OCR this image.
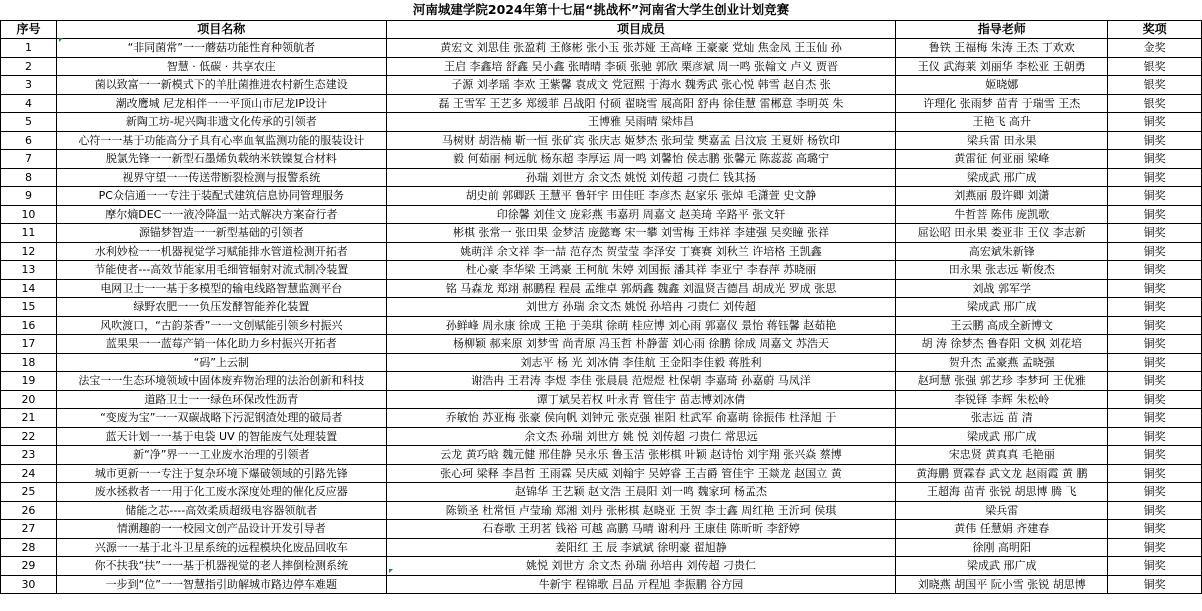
河南城建学院2024年第十七届“挑战杯”河南省大学生创业计划竞赛
序号	项目名称	项目成员	指导老师	奖项
1	“非同菌常”一一蘑菇功能性育种领航者	黄宏文 刘思佳 张盈莉 王修彬 张小玉 张苏娅 王高峰 王豪豪 党灿 焦金凤 王玉仙 孙	鲁铁 王福梅 朱涛 王杰 丁欢欢	金奖
2	智慧 · 低碳 · 共享农庄	王启 李鑫培 舒鑫 吴小鑫 张晴晴 李硕 张驰 郭欣 栗彦斌 周一鸣 张翰文 卢义 贾晋	王仪 武海莱 刘丽华 李松亚 王朝勇	银奖
3	菌以致富一一新模式下的羊肚菌推进农村新生态建设	子源 刘孝瑶 李欢 王紫馨 袁成文 党冠熙 于海水 魏秀武 张心悦 韩雪 赵自杰 张	姬晓娜	银奖
4	潮改鹰城 尼龙相伴一一平顶山市尼龙IP设计	磊 王雪军 王艺多 郑缓菲 吕战阳 付硕 翟晓雪 展高阳 舒冉 徐佳慧 雷郴意 李明英 朱	许理化 张雨梦 苗青 于瑞雪 王杰	银奖
5	新陶工坊-坭兴陶非遗文化传承的引领者	王博雅 吴雨晴 梁炜昌	王艳飞 高升	铜奖
6	心符一一基于功能高分子具有心率血氧监测功能的服装设计	马树财 胡浩楠 靳一恒 张矿宾 张庆志 姬梦杰 张珂莹 樊嘉孟 吕汶宸 王夏妍 杨钦印	梁兵雷 田永果	铜奖
7	脱氯先锋一一新型石墨烯负载纳米铁镍复合材料	毅 何茹丽 柯远航 杨东超 李厚运 周一鸣 刘馨怡 侯志鹏 张馨元 陈蕊蕊 高璐宁	黄雷征 何亚丽 梁峰	铜奖
8	视界守望一一传送带断裂检测与报警系统	孙瑞 刘世方 余文杰 姚悦 刘传超 刁贵仁 钱其扬	梁成武 邢广成	铜奖
9	PC众信通一一专注于装配式建筑信息协同管理服务	胡史前 郭卿跃 王慧平 鲁轩宇 田佳旺 李彦杰 赵家乐 张焯 毛潇萱 史文静	刘燕丽 殷许卿 刘潇	铜奖
10	摩尔熵DEC一一液冷降温一站式解决方案奋行者	印徐馨 刘佳文 庞彩燕 韦嘉玥 周嘉文 赵美琦 辛路平 张文轩	牛哲菩 陈伟 庞凯歌	铜奖
11	源锚梦智造一一新型基础的引领者	彬棋 张常一 张田果 金梦洁 庞懿骞 宋一攀 刘雪梅 王炜祥 李建强 吴奕瞳 张祥	屈讼昭 田永果 娄亚非 王仪 李志新	铜奖
12	水利妙检一一机器视觉学习赋能排水管道检测开拓者	姚萌洋 余文祥 李一喆 范存杰 贺莹莹 李泽安 丁赛赛 刘秋兰 许培格 王凯鑫	高宏斌朱新锋	铜奖
13	节能使者---高效节能家用毛细管辐射对流式制冷装置	杜心豪 李华梁 王鸿豪 王柯航 朱婷 刘国振 潘其祥 李亚宁 李春萍 苏晓丽	田永果 张志远 靳俊杰	铜奖
14	电网卫士一一基于多模型的输电线路智慧监测平台	铭 马森龙 郑翊 郝鹏程 程晨 孟维卓 郭炳鑫 魏鑫 刘温贤吉德昌 胡成光 罗成 张思	刘战 郭军学	铜奖
15	绿野农肥一一负压发酵智能养化装置	刘世方 孙瑞 余文杰 姚悦 孙培冉 刁贵仁 刘传超	梁成武 邢广成	铜奖
16	风吹渡口，“古韵茶香”一一文创赋能引领乡村振兴	孙鲜峰 周永康 徐成 王艳 于美琪 徐萌 桂应博 刘心雨 郭嘉仪 景怡 蒋钰馨 赵茹艳	王云鹏 高成全新博文	铜奖
17	蓝果果一一蓝莓产销一体化助力乡村振兴开拓者	杨柳颖 郝来原 刘梦雪 尚青原 冯玉哲 朴静蕾 刘心雨 徐鹏 徐成 周嘉文 苏浩天	胡 涛 徐梦杰 鲁春阳 文枫 刘花培	铜奖
18	“码”上云制	刘志平 杨 光 刘冰倩 李佳航 王金阳李佳毅 蒋胜利	贺升杰 孟豪燕 孟晓强	铜奖
19	法宝一一生态环境领域中固体废弃物治理的法治创新和科技	谢浩冉 王君涛 李煜 李佳 张晨晨 范煜煜 杜保朝 李嘉琦 孙嘉蔚 马凤洋	赵珂慧 张强 郭艺珍 李梦珂 王优雅	铜奖
20	道路卫士一一绿色环保改性沥青	谭丁斌吴若权 叶永青 管佳宇 苗志博刘冰倩	李锐铎 李辉 朱松岭	铜奖
21	“变废为宝”一一双碳战略下污泥钢渣处理的破局者	乔敏怡 苏亚梅 张豪 侯向帆 刘钟元 张克强 崔阳 杜武军 俞嘉萌 徐振伟 杜泽旭 于	张志远 苗 清	铜奖
22	蓝天计划一一基于电袋 UV 的智能废气处理装置	余文杰 孙瑞 刘世方 姚 悦 刘传超 刁贵仁 常思远	梁成武 邢广成	铜奖
23	新“净”界一一工业废水治理的引领者	云龙 黄巧晗 魏元健 邢佳静 吴永乐 鲁玉洁 张彬棋 叶颖 赵诗怡 刘宇翔 张兴焱 蔡博	宋忠贤 黄真真 毛艳丽	铜奖
24	城市更新一一专注于复杂环境下爆破领域的引路先锋	张心珂 梁释 李昌哲 王雨霖 吴庆威 刘翰宇 吴婷睿 王吉爵 管佳宇 王燚龙 赵国立 黄	黄海鹏 贾霖春 武文龙 赵雨霞 黄 鹏	铜奖
25	废水拯救者一一用于化工废水深度处理的催化反应器	赵锦华 王艺颖 赵文浩 王晨阳 刘一鸣 魏家珂 杨孟杰	王超海 苗青 张锐 胡思博 腾 飞	铜奖
26	储能之芯----高效柔质超级电容器领航者	陈锁圣 杜常恒 卢莹瑜 郑湘 刘丹 张彬棋 赵晓亚 王贺 李士鑫 周红艳 王沂珂 侯琪	梁兵雷	铜奖
27	情溯趣韵一一校园文创产品设计开发引导者	石春歌 王玥茗 钱裕 可越 高鹏 马晴 谢利丹 王康佳 陈昕昕 李舒婷	黄伟 任慧娟 齐建春	铜奖
28	兴源一一基于北斗卫星系统的远程模块化废品回收车	姜阳红 王 辰 李斌斌 徐明豪 翟旭静	徐刚 高明阳	铜奖
29	你不扶我“扶”一一基于机器视觉的老人摔倒检测系统	姚悦 刘世方 余文杰 孙瑞 孙培冉 刘传超 刁贵仁	梁成武 邢广成	铜奖
30	一步到“位”一一智慧指引助解城市路边停车难题	牛新宇 程锦歌 吕品 亓程旭 李振鹏 谷方园	刘晓燕 胡国平 阮小雪 张锐 胡思博	铜奖
